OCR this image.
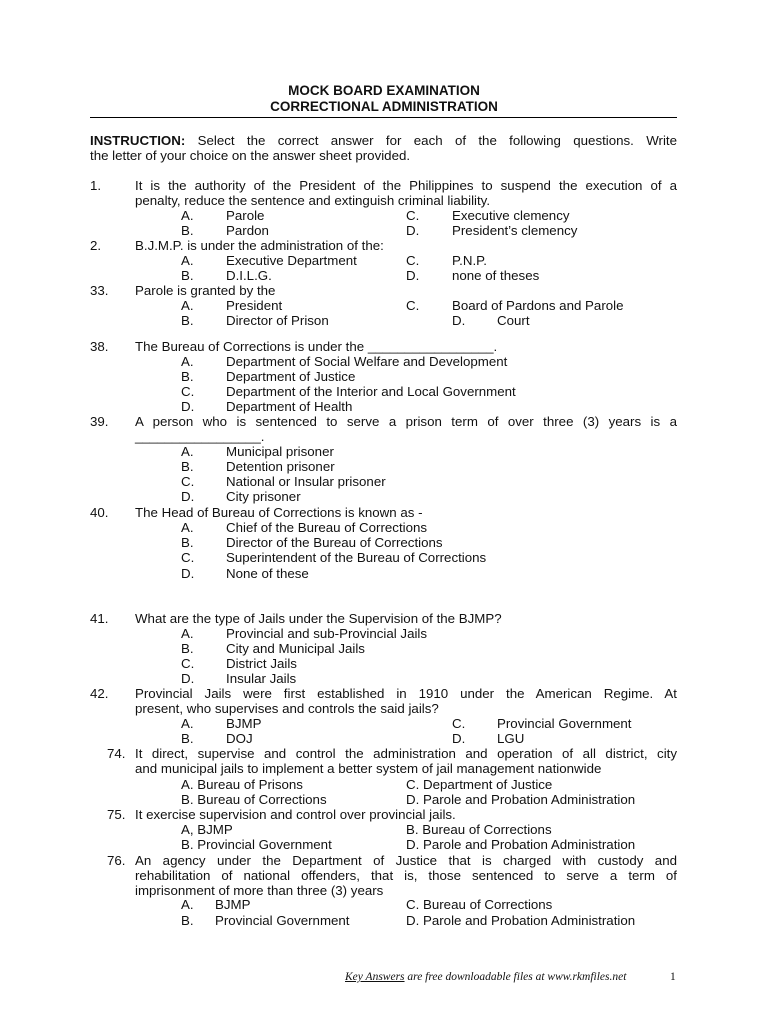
MOCK BOARD EXAMINATION
CORRECTIONAL ADMINISTRATION
INSTRUCTION: Select the correct answer for each of the following questions. Write
the letter of your choice on the answer sheet provided.
1.	It is the authority of the President of the Philippines to suspend the execution of a
penalty, reduce the sentence and extinguish criminal liability.
A. Parole	C. Executive clemency
B. Pardon	D. President’s clemency
2.	B.J.M.P. is under the administration of the:
A. Executive Department	C. P.N.P.
B. D.I.L.G.	D. none of theses
33. Parole is granted by the
A. President	C. Board of Pardons and Parole
B. Director of Prison	D. Court
38. The Bureau of Corrections is under the _________________.
A. Department of Social Welfare and Development
B. Department of Justice
C. Department of the Interior and Local Government
D. Department of Health
39. A person who is sentenced to serve a prison term of over three (3) years is a
_________________.
A. Municipal prisoner
B. Detention prisoner
C. National or Insular prisoner
D. City prisoner
40. The Head of Bureau of Corrections is known as -
A. Chief of the Bureau of Corrections
B. Director of the Bureau of Corrections
C. Superintendent of the Bureau of Corrections
D. None of these
41. What are the type of Jails under the Supervision of the BJMP?
A. Provincial and sub-Provincial Jails
B. City and Municipal Jails
C. District Jails
D. Insular Jails
42. Provincial Jails were first established in 1910 under the American Regime. At
present, who supervises and controls the said jails?
A. BJMP	C. Provincial Government
B. DOJ	D. LGU
74. It direct, supervise and control the administration and operation of all district, city
and municipal jails to implement a better system of jail management nationwide
A. Bureau of Prisons	C. Department of Justice
B. Bureau of Corrections	D. Parole and Probation Administration
75. It exercise supervision and control over provincial jails.
A, BJMP	B. Bureau of Corrections
B. Provincial Government	D. Parole and Probation Administration
76. An agency under the Department of Justice that is charged with custody and
rehabilitation of national offenders, that is, those sentenced to serve a term of
imprisonment of more than three (3) years
A. BJMP	C. Bureau of Corrections
B. Provincial Government	D. Parole and Probation Administration
Key Answers are free downloadable files at www.rkmfiles.net	1
